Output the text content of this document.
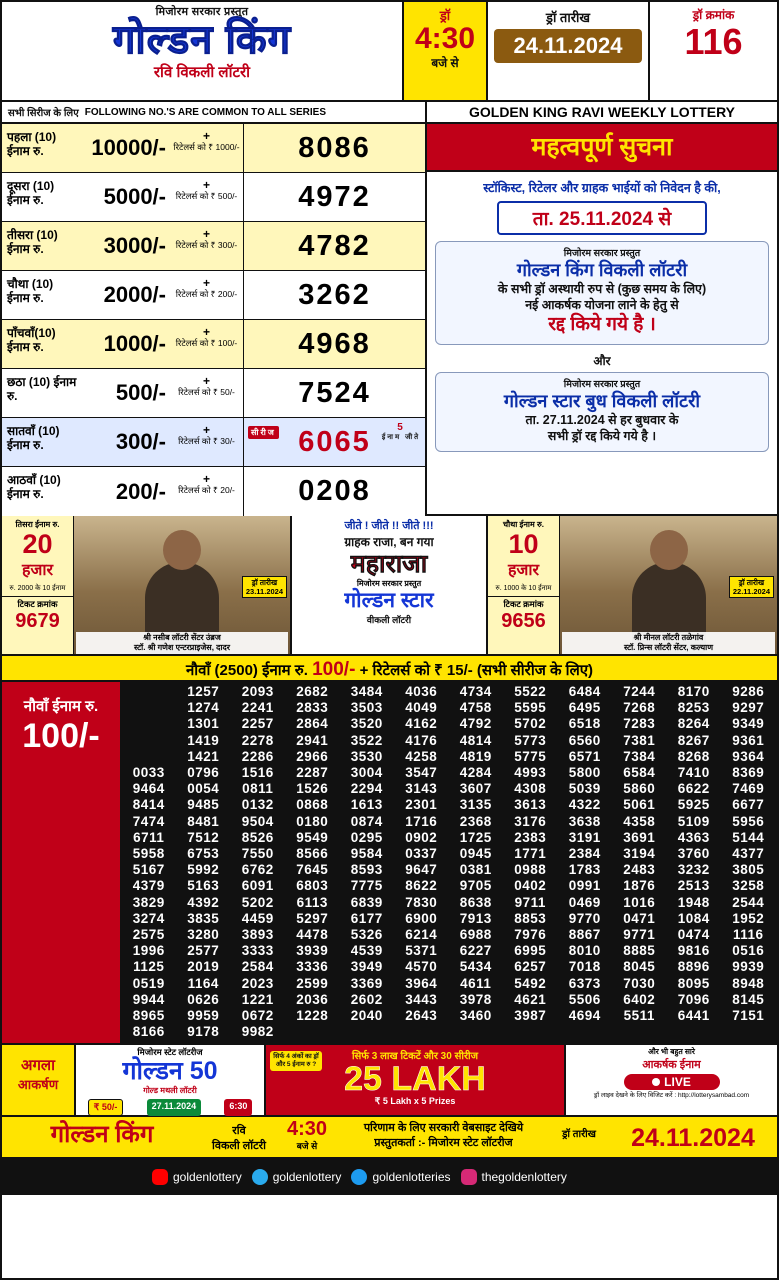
मिजोरम सरकार प्रस्तुत
गोल्डन किंग
रवि विकली लॉटरी
ड्रॉ
4:30
बजे से
ड्रॉ तारीख
24.11.2024
ड्रॉ क्रमांक
116
सभी सिरीज के लिए FOLLOWING NO.'S ARE COMMON TO ALL SERIES	GOLDEN KING RAVI WEEKLY LOTTERY
पहला (10) ईनाम रु.	10000/-	+
रिटेलर्स को ₹ 1000/-	8086
दूसरा (10) ईनाम रु.	5000/-	+
रिटेलर्स को ₹ 500/-	4972
तीसरा (10) ईनाम रु.	3000/-	+
रिटेलर्स को ₹ 300/-	4782
चौथा (10) ईनाम रु.	2000/-	+
रिटेलर्स को ₹ 200/-	3262
पाँचवाँ(10) ईनाम रु.	1000/-	+
रिटेलर्स को ₹ 100/-	4968
छठा (10) ईनाम रु.	500/-	+
रिटेलर्स को ₹ 50/-	7524
सातवाँ (10) ईनाम रु.	300/-	+
रिटेलर्स को ₹ 30/-
सीरीज 6065	5
ईनाम जीते
आठवाँ (10) ईनाम रु.	200/-	+
रिटेलर्स को ₹ 20/-	0208
महत्वपूर्ण सुचना
स्टॉकिस्ट, रिटेलर और ग्राहक भाईयों को निवेदन है की,
ता. 25.11.2024 से
मिजोरम सरकार प्रस्तुत
गोल्डन किंग विकली लॉटरी
के सभी ड्रॉ अस्थायी रुप से (कुछ समय के लिए)
नई आकर्षक योजना लाने के हेतु से
रद्द किये गये है ।
और
मिजोरम सरकार प्रस्तुत
गोल्डन स्टार बुध विकली लॉटरी
ता. 27.11.2024 से हर बुधवार के
सभी ड्रॉ रद्द किये गये है ।
तिसरा ईनाम रु.
20
हजार
रु. 2000 के 10 ईनाम
टिकट क्रमांक
9679
ड्रॉ तारीख
23.11.2024
श्री नसीब लॉटरी सेंटर उंब्रज
स्टॉ. श्री गणेश एन्टरप्राइजेस, दादर
जीते ! जीते !! जीते !!!
ग्राहक राजा, बन गया
महाराजा
मिजोरम सरकार प्रस्तुत
गोल्डन स्टार
वीकली लॉटरी
चौथा ईनाम रु.
10
हजार
रु. 1000 के 10 ईनाम
टिकट क्रमांक
9656
ड्रॉ तारीख
22.11.2024
श्री मीनल लॉटरी तळेगांव
स्टॉ. प्रिन्स लॉटरी सेंटर, कल्याण
नौवाँ (2500) ईनाम रु. 100/- + रिटेलर्स को ₹ 15/- (सभी सीरीज के लिए)
नौवाँ ईनाम रु.
100/-

1257	2093	2682	3484	4036	4734	5522	6484	7244	8170	9286

1274	2241	2833	3503	4049	4758	5595	6495	7268	8253	9297

1301	2257	2864	3520	4162	4792	5702	6518	7283	8264	9349

1419	2278	2941	3522	4176	4814	5773	6560	7381	8267	9361

1421	2286	2966	3530	4258	4819	5775	6571	7384	8268	9364
0033	0796	1516	2287	3004	3547	4284	4993	5800	6584	7410	8369
9464	0054	0811	1526	2294	3143	3607	4308	5039	5860	6622	7469
8414	9485	0132	0868	1613	2301	3135	3613	4322	5061	5925	6677
7474	8481	9504	0180	0874	1716	2368	3176	3638	4358	5109	5956
6711	7512	8526	9549	0295	0902	1725	2383	3191	3691	4363	5144
5958	6753	7550	8566	9584	0337	0945	1771	2384	3194	3760	4377
5167	5992	6762	7645	8593	9647	0381	0988	1783	2483	3232	3805
4379	5163	6091	6803	7775	8622	9705	0402	0991	1876	2513	3258
3829	4392	5202	6113	6839	7830	8638	9711	0469	1016	1948	2544
3274	3835	4459	5297	6177	6900	7913	8853	9770	0471	1084	1952
2575	3280	3893	4478	5326	6214	6988	7976	8867	9771	0474	1116
1996	2577	3333	3939	4539	5371	6227	6995	8010	8885	9816	0516
1125	2019	2584	3336	3949	4570	5434	6257	7018	8045	8896	9939
0519	1164	2023	2599	3369	3964	4611	5492	6373	7030	8095	8948
9944	0626	1221	2036	2602	3443	3978	4621	5506	6402	7096	8145
8965	9959	0672	1228	2040	2643	3460	3987	4694	5511	6441	7151
8166	9178	9982
अगला
आकर्षण
मिजोरम स्टेट लॉटरीज
गोल्डन 50
गोल्ड मथली लॉटरी
₹ 50/-	27.11.2024	6:30
सिर्फ 4 अंकों का ड्रॉ और 5 ईनाम रु ?
सिर्फ 3 लाख टिकटें और 30 सीरीज
25 LAKH
₹ 5 Lakh x 5 Prizes
और भी बहुत सारे
आकर्षक ईनाम
LIVE
ड्रॉ लाइव देखने के लिए विजिट करें : http://lotterysambad.com
गोल्डन किंग	रवि
विकली लॉटरी
4:30
बजे से
परिणाम के लिए सरकारी वेबसाइट देखिये
प्रस्तुतकर्ता :- मिजोरम स्टेट लॉटरीज
ड्रॉ तारीख	24.11.2024
goldenlottery	goldenlottery	goldenlotteries	thegoldenlottery
रिबेट, स्किम, विनर्स डिटेल्स जानने के लिए दिए हुए लिंक जॉईन किजिए
